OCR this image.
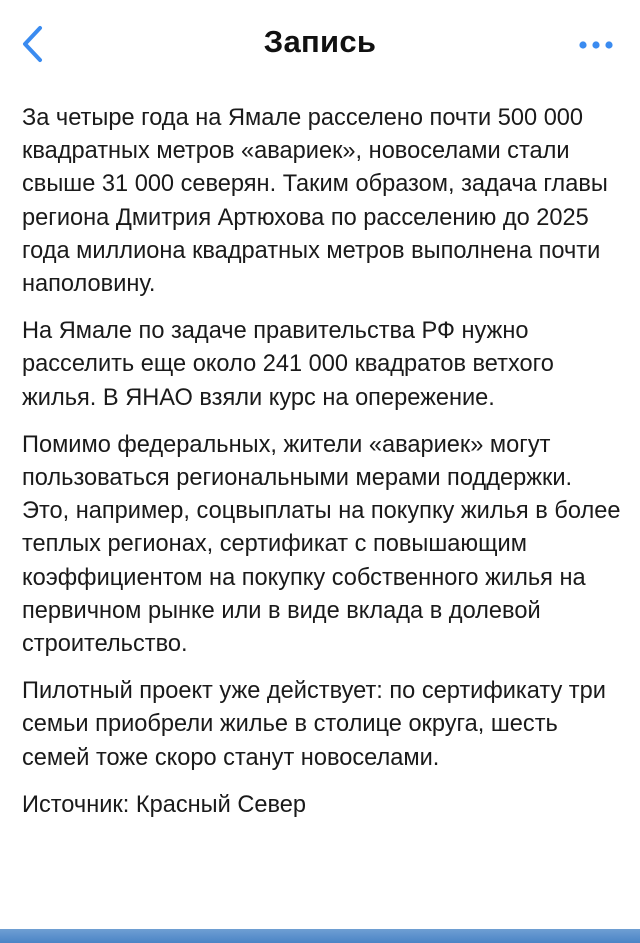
Запись

За четыре года на Ямале расселено почти 500 000 квадратных метров «авариек», новоселами стали свыше 31 000 северян. Таким образом, задача главы региона Дмитрия Артюхова по расселению до 2025 года миллиона квадратных метров выполнена почти наполовину.

На Ямале по задаче правительства РФ нужно расселить еще около 241 000 квадратов ветхого жилья. В ЯНАО взяли курс на опережение.

Помимо федеральных, жители «авариек» могут пользоваться региональными мерами поддержки. Это, например, соцвыплаты на покупку жилья в более теплых регионах, сертификат с повышающим коэффициентом на покупку собственного жилья на первичном рынке или в виде вклада в долевой строительство.

Пилотный проект уже действует: по сертификату три семьи приобрели жилье в столице округа, шесть семей тоже скоро станут новоселами.

Источник: Красный Север
